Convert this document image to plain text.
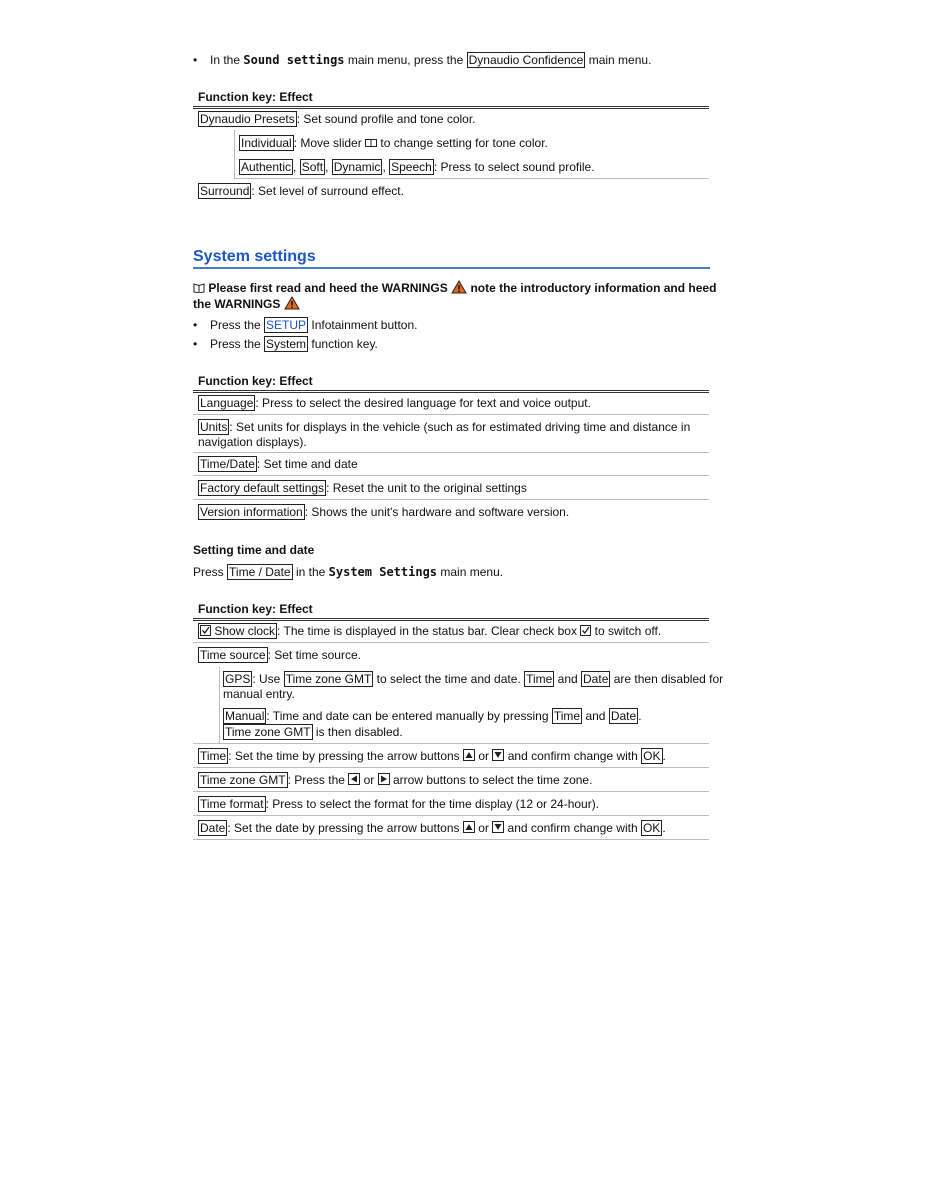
• In the Sound settings main menu, press the Dynaudio Confidence main menu.
Function key: Effect
Dynaudio Presets : Set sound profile and tone color.
Individual : Move slider to change setting for tone color.
Authentic , Soft , Dynamic , Speech : Press to select sound profile.
Surround : Set level of surround effect.
System settings
Please first read and heed the WARNINGS note the introductory information and heed
the WARNINGS
• Press the SETUP Infotainment button.
• Press the System function key.
Function key: Effect
Language : Press to select the desired language for text and voice output.
Units : Set units for displays in the vehicle (such as for estimated driving time and distance in
navigation displays).
Time/Date : Set time and date
Factory default settings : Reset the unit to the original settings
Version information : Shows the unit's hardware and software version.
Setting time and date
Press Time / Date in the System Settings main menu.
Function key: Effect
Show clock : The time is displayed in the status bar. Clear check box to switch off.
Time source : Set time source.
GPS : Use Time zone GMT to select the time and date. Time and Date are then disabled for
manual entry.
Manual : Time and date can be entered manually by pressing Time and Date .
Time zone GMT is then disabled.
Time : Set the time by pressing the arrow buttons or and confirm change with OK .
Time zone GMT : Press the or arrow buttons to select the time zone.
Time format : Press to select the format for the time display (12 or 24-hour).
Date : Set the date by pressing the arrow buttons or and confirm change with OK .
